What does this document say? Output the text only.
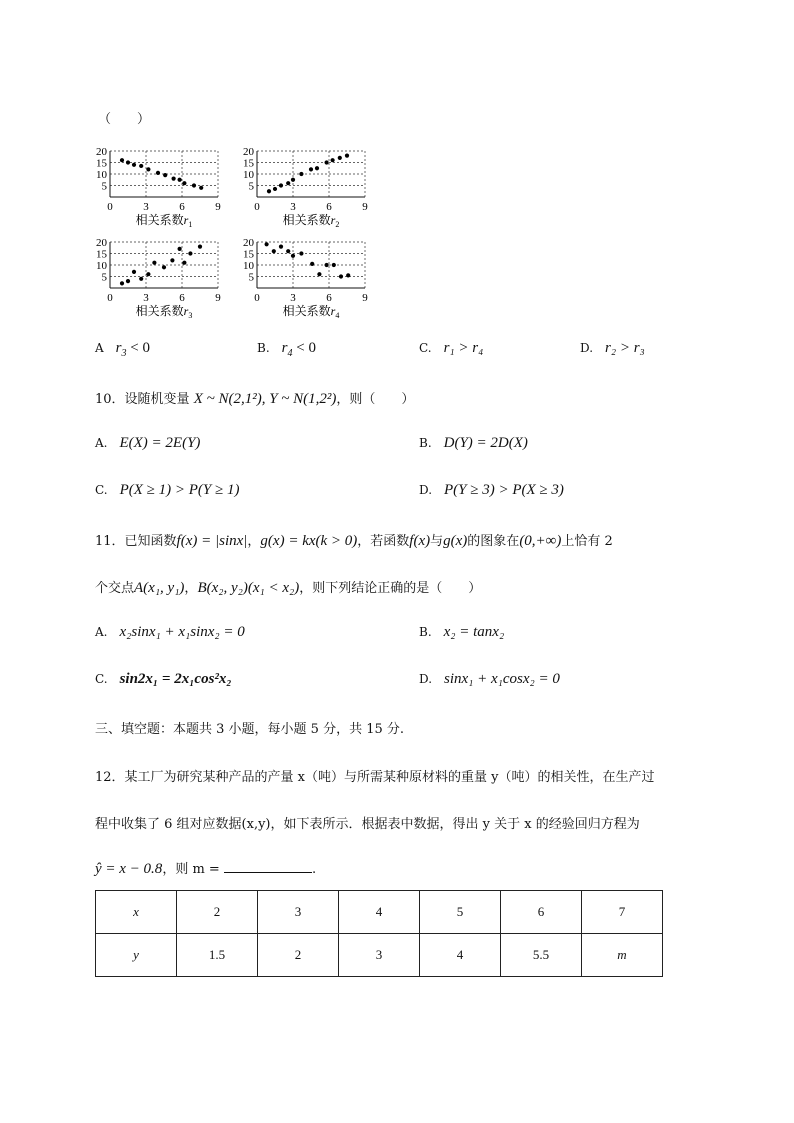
（　　）
20
15
10
5
0	3	6	9
相关系数$r_1$
20
15
10
5
0	3	6	9
相关系数$r_2$
20
15
10
5
0	3	6	9
相关系数$r_3$
20
15
10
5
0	3	6	9
相关系数$r_4$
A $r_3 < 0$	B. $r_4 < 0$	C. r₁ > r₄	D. r₂ > r₃
10．设随机变量 X ~ N(2,1²), Y ~ N(1,2²)，则（　　）
A. E(X) = 2E(Y)	B. D(Y) = 2D(X)
C. P(X ≥ 1) > P(Y ≥ 1)	D. P(Y ≥ 3) > P(X ≥ 3)
11．已知函数f(x) = |sinx|，g(x) = kx(k > 0)，若函数f(x)与g(x)的图象在(0,+∞)上恰有 2
个交点A(x₁, y₁)，B(x₂, y₂)(x₁ < x₂)，则下列结论正确的是（　　）
A. x₂sinx₁ + x₁sinx₂ = 0	B. x₂ = tanx₂
C. sin2x₁ = 2x₁cos²x₂	D. sinx₁ + x₁cosx₂ = 0
三、填空题：本题共 3 小题，每小题 5 分，共 15 分.
12．某工厂为研究某种产品的产量 x（吨）与所需某种原材料的重量 y（吨）的相关性，在生产过
程中收集了 6 组对应数据(x,y)，如下表所示．根据表中数据，得出 y 关于 x 的经验回归方程为
ŷ = x − 0.8，则 m =	.
x	2	3	4	5	6	7
y	1.5	2	3	4	5.5	m
